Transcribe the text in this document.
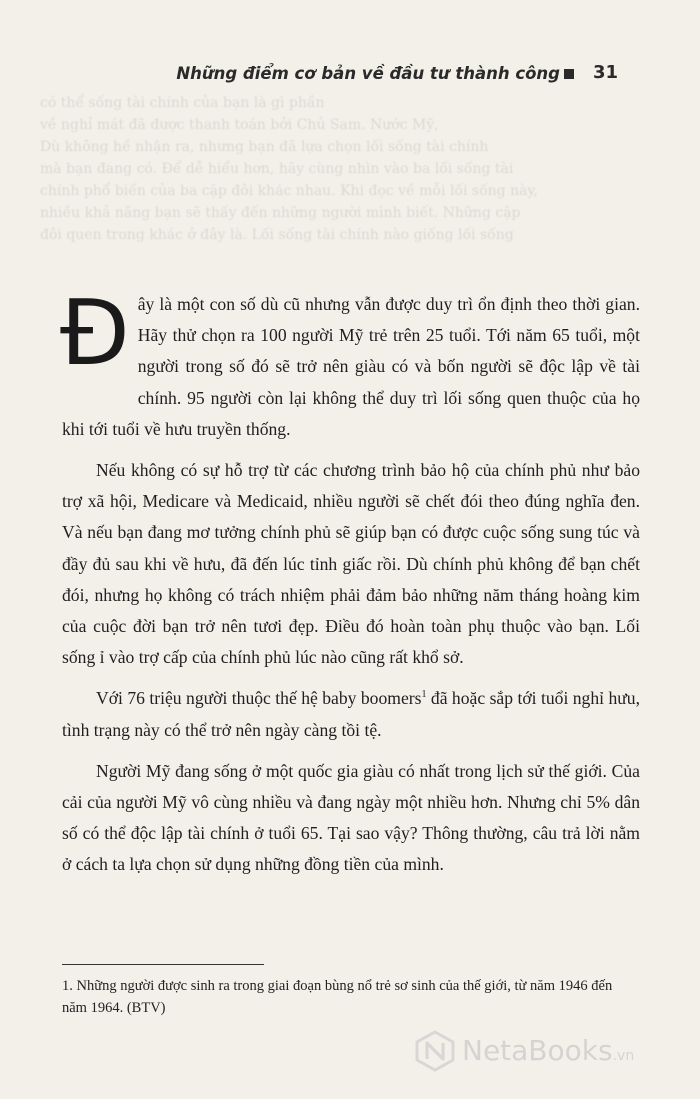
Những điểm cơ bản về đầu tư thành công 31
có thể sống tài chính của bạn là gì phần
về nghỉ mát đã được thanh toán bởi Chủ Sam. Nước Mỹ,
Dù không hề nhận ra, nhưng bạn đã lựa chọn lối sống tài chính
mà bạn đang có. Để dễ hiểu hơn, hãy cùng nhìn vào ba lối sống tài
chính phổ biến của ba cặp đôi khác nhau. Khi đọc về mỗi lối sống này,
nhiều khả năng bạn sẽ thấy đến những người mình biết. Những cặp
đôi quen trong khác ở đây là. Lối sống tài chính nào giống lối sống

Đây là một con số dù cũ nhưng vẫn được duy trì ổn định theo thời gian. Hãy thử chọn ra 100 người Mỹ trẻ trên 25 tuổi. Tới năm 65 tuổi, một người trong số đó sẽ trở nên giàu có và bốn người sẽ độc lập về tài chính. 95 người còn lại không thể duy trì lối sống quen thuộc của họ khi tới tuổi về hưu truyền thống.

Nếu không có sự hỗ trợ từ các chương trình bảo hộ của chính phủ như bảo trợ xã hội, Medicare và Medicaid, nhiều người sẽ chết đói theo đúng nghĩa đen. Và nếu bạn đang mơ tưởng chính phủ sẽ giúp bạn có được cuộc sống sung túc và đầy đủ sau khi về hưu, đã đến lúc tỉnh giấc rồi. Dù chính phủ không để bạn chết đói, nhưng họ không có trách nhiệm phải đảm bảo những năm tháng hoàng kim của cuộc đời bạn trở nên tươi đẹp. Điều đó hoàn toàn phụ thuộc vào bạn. Lối sống ỉ vào trợ cấp của chính phủ lúc nào cũng rất khổ sở.

Với 76 triệu người thuộc thế hệ baby boomers$^1$ đã hoặc sắp tới tuổi nghỉ hưu, tình trạng này có thể trở nên ngày càng tồi tệ.

Người Mỹ đang sống ở một quốc gia giàu có nhất trong lịch sử thế giới. Của cải của người Mỹ vô cùng nhiều và đang ngày một nhiều hơn. Nhưng chỉ 5% dân số có thể độc lập tài chính ở tuổi 65. Tại sao vậy? Thông thường, câu trả lời nằm ở cách ta lựa chọn sử dụng những đồng tiền của mình.

1. Những người được sinh ra trong giai đoạn bùng nổ trẻ sơ sinh của thế giới, từ năm 1946 đến năm 1964. (BTV)
NetaBooks.vn
